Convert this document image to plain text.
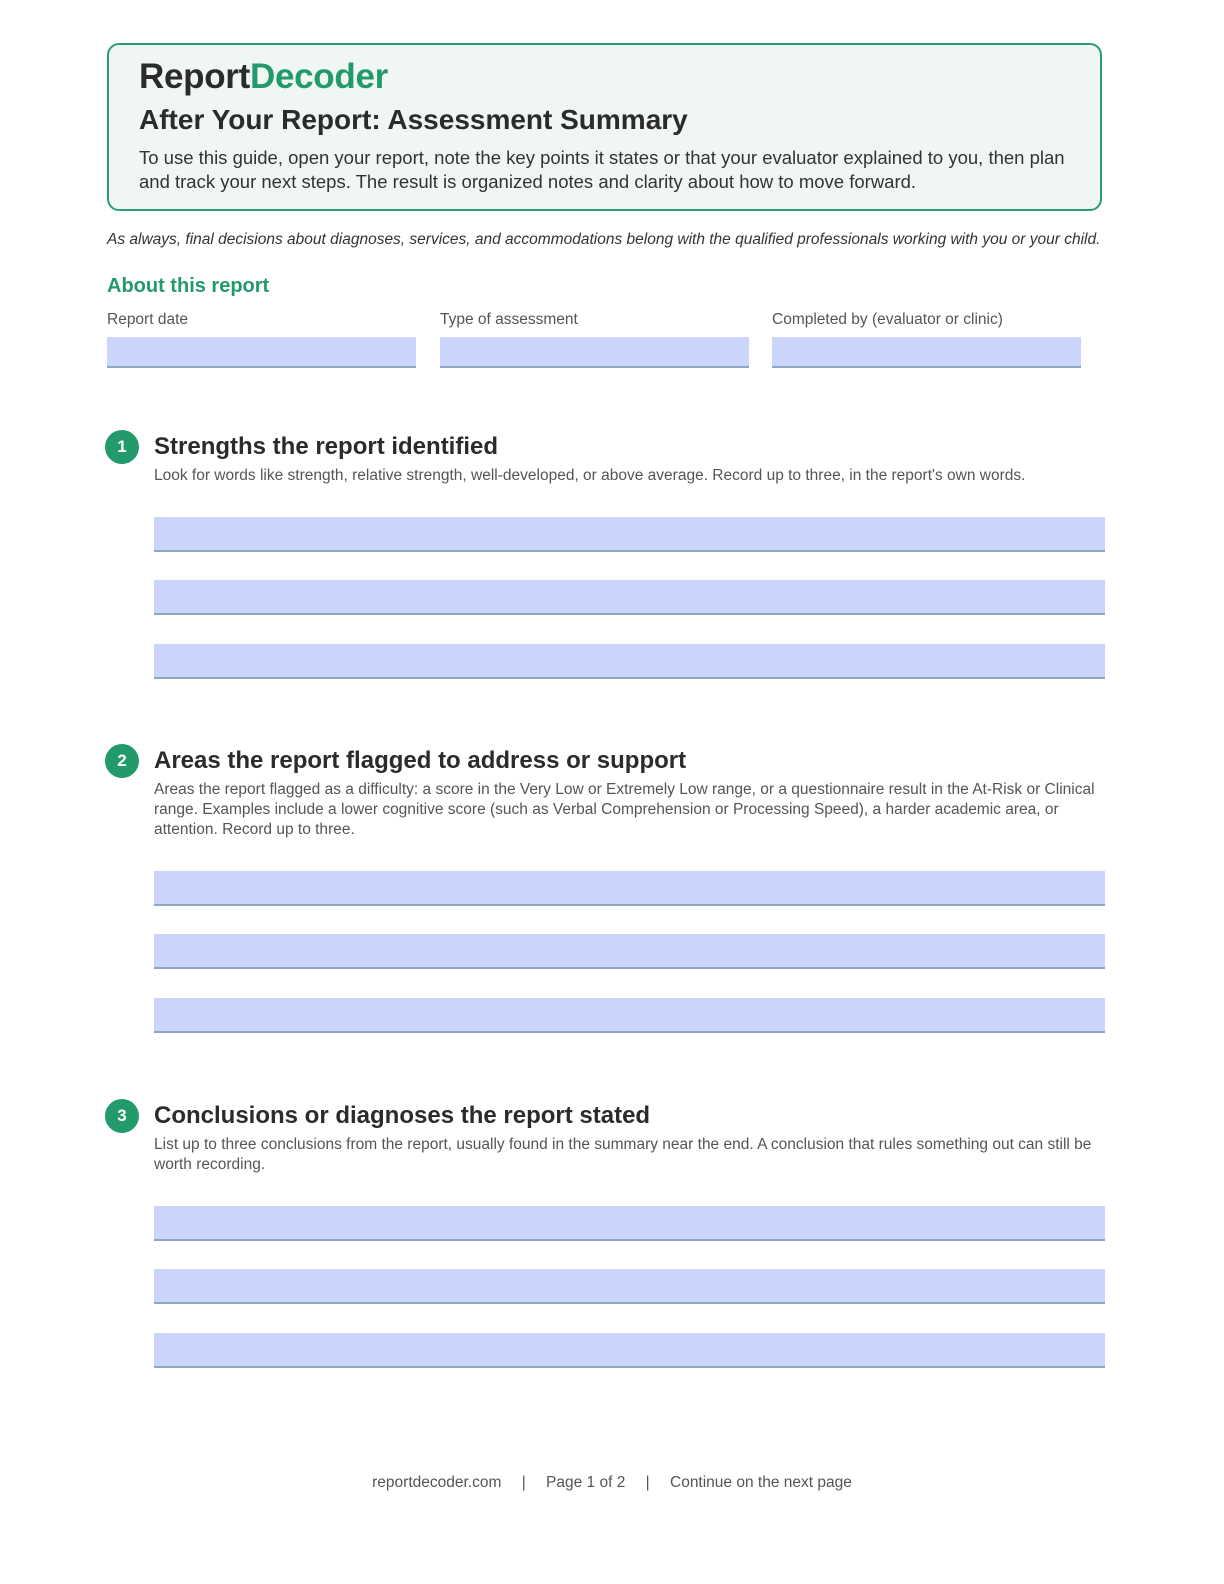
ReportDecoder
After Your Report: Assessment Summary
To use this guide, open your report, note the key points it states or that your evaluator explained to you, then plan and track your next steps. The result is organized notes and clarity about how to move forward.
As always, final decisions about diagnoses, services, and accommodations belong with the qualified professionals working with you or your child.
About this report
Report date	Type of assessment	Completed by (evaluator or clinic)
1	Strengths the report identified
Look for words like strength, relative strength, well-developed, or above average. Record up to three, in the report's own words.
2	Areas the report flagged to address or support
Areas the report flagged as a difficulty: a score in the Very Low or Extremely Low range, or a questionnaire result in the At-Risk or Clinical range. Examples include a lower cognitive score (such as Verbal Comprehension or Processing Speed), a harder academic area, or attention. Record up to three.
3	Conclusions or diagnoses the report stated
List up to three conclusions from the report, usually found in the summary near the end. A conclusion that rules something out can still be worth recording.
reportdecoder.com | Page 1 of 2 | Continue on the next page
